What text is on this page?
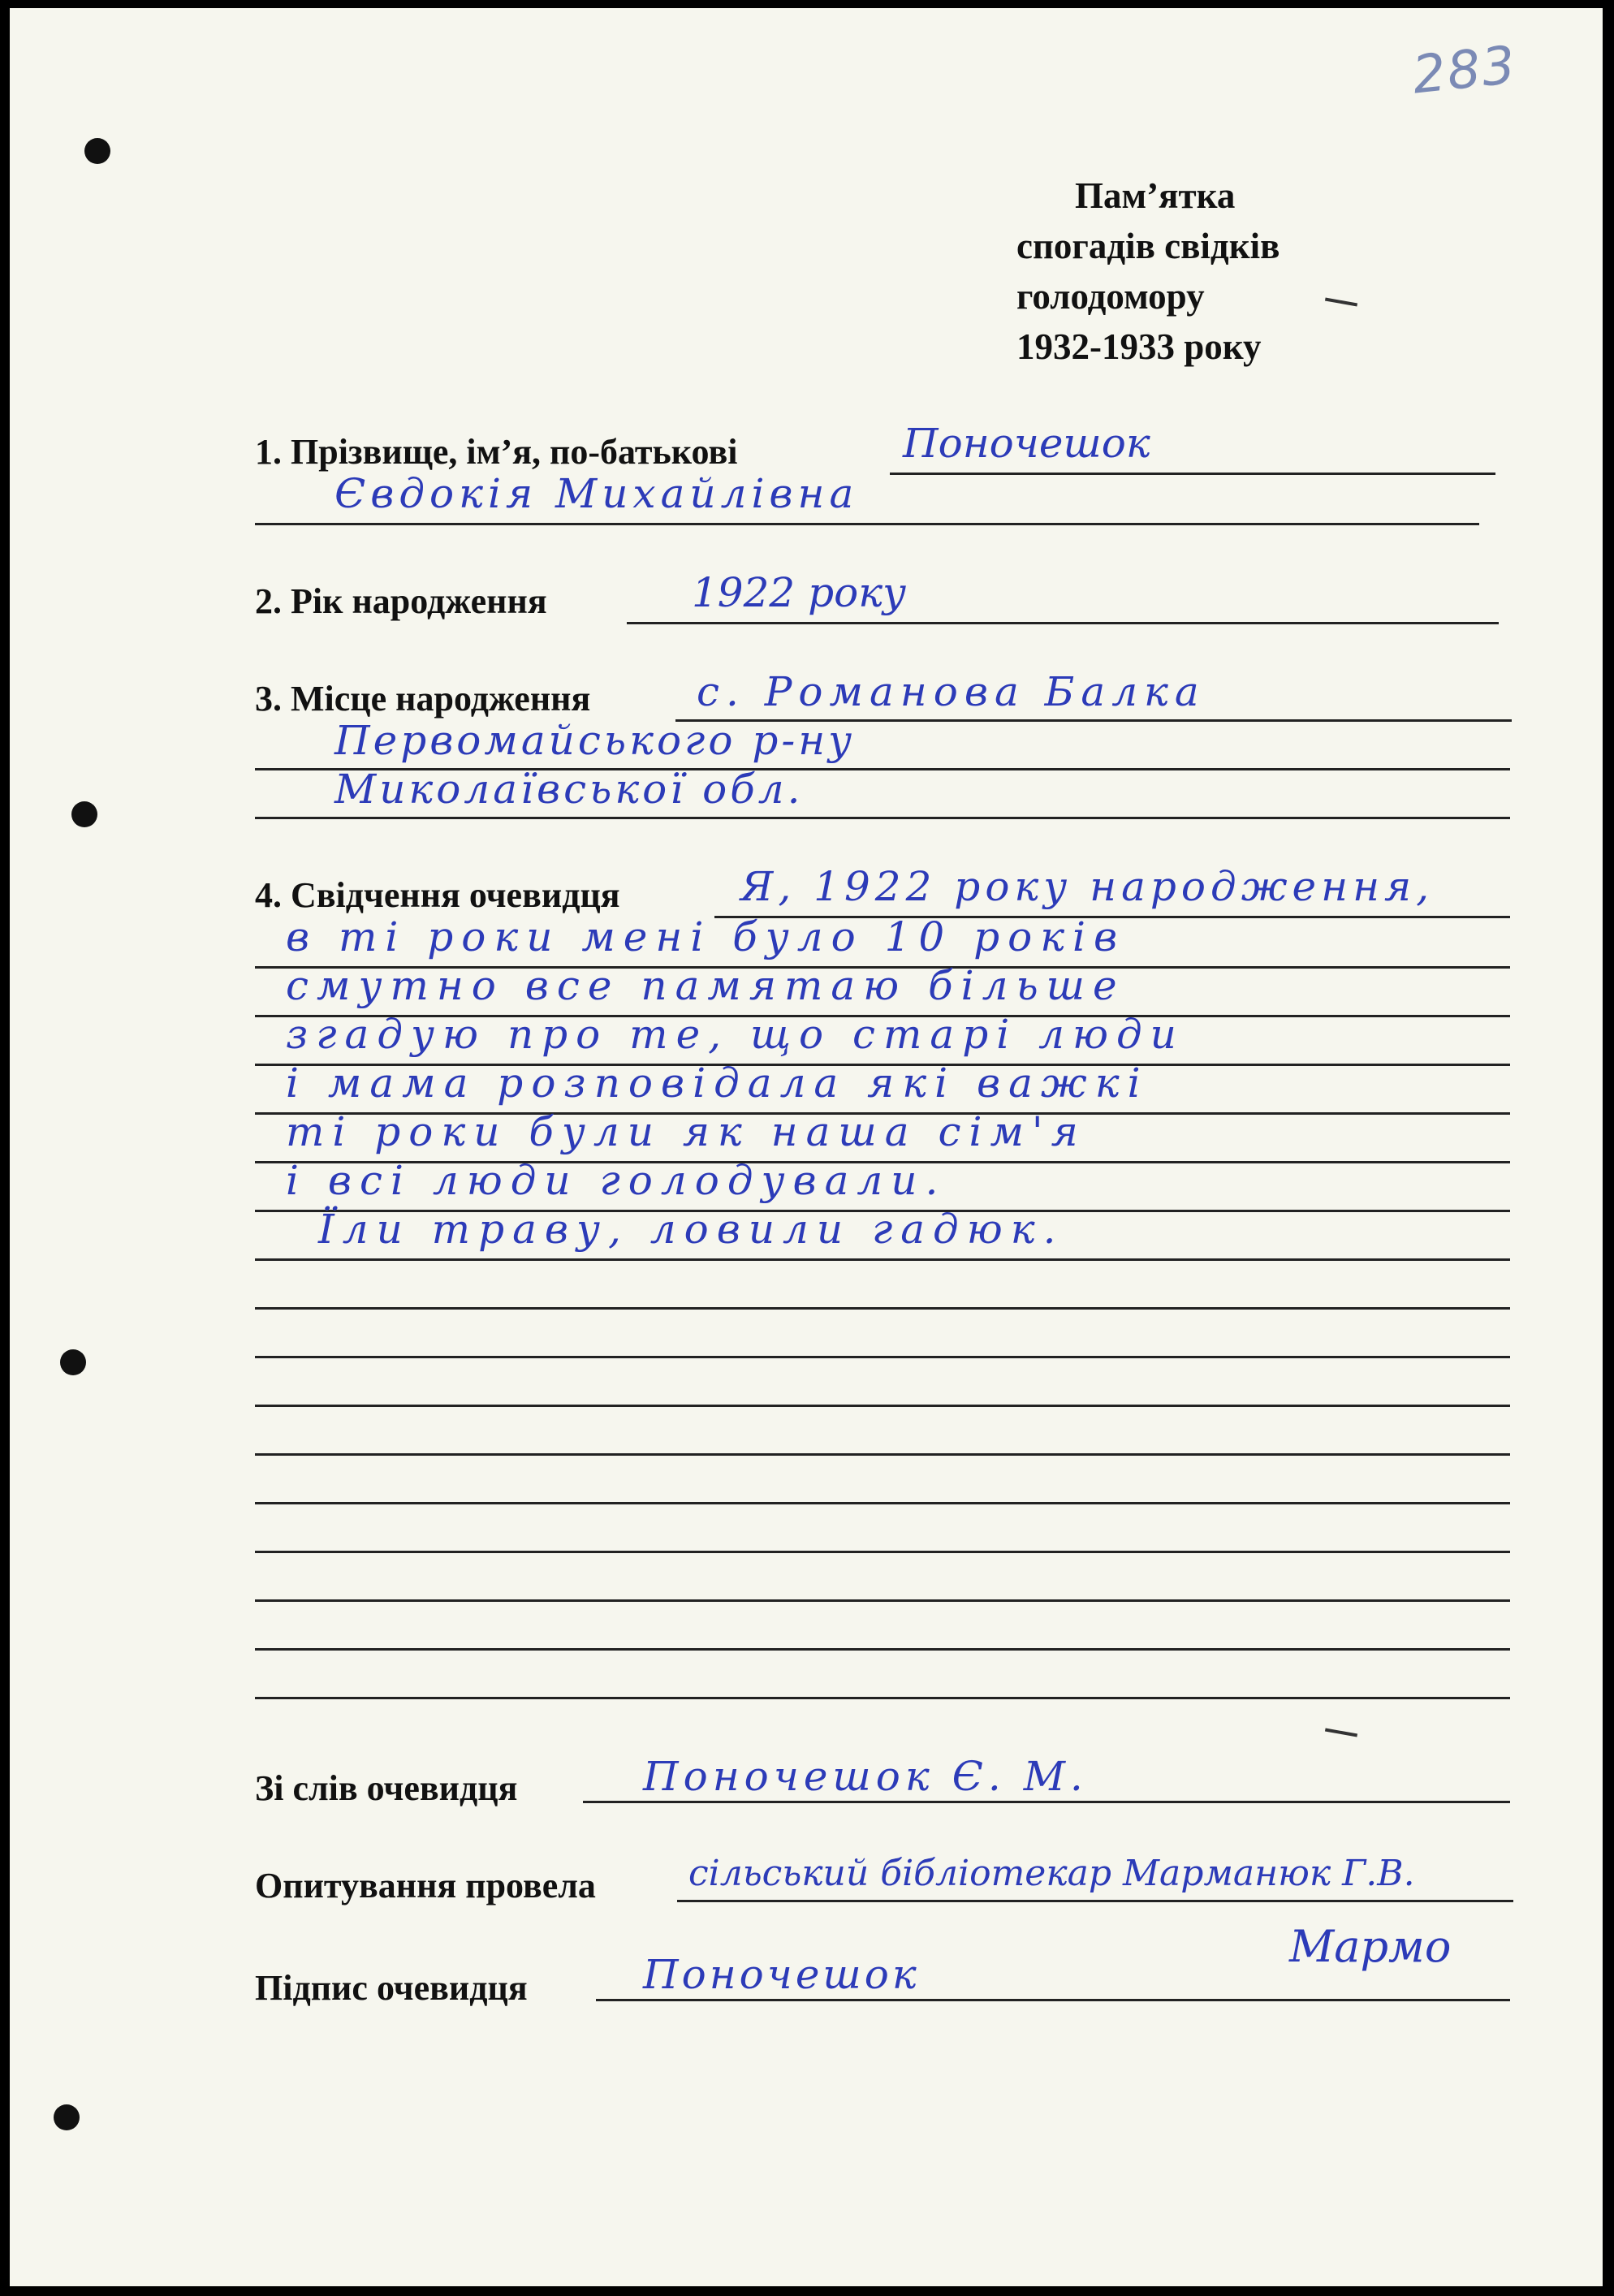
283
Пам’ятка
спогадів свідків
голодомору
1932-1933 року
1. Прізвище, ім’я, по-батькові	Поночешок
Євдокія Михайлівна
2. Рік народження	1922 року
3. Місце народження	с. Романова Балка
Первомайського р-ну
Миколаївської обл.
4. Свідчення очевидця	Я, 1922 року народження,
в ті роки мені було 10 років
смутно все памятаю більше
згадую про те, що старі люди
і мама розповідала які важкі
ті роки були як наша сім'я
і всі люди голодували.
Їли траву, ловили гадюк.
Зі слів очевидця	Поночешок Є. М.
Опитування провела	сільський бібліотекар Марманюк Г.В.
Мармо
Підпис очевидця	Поночешок
